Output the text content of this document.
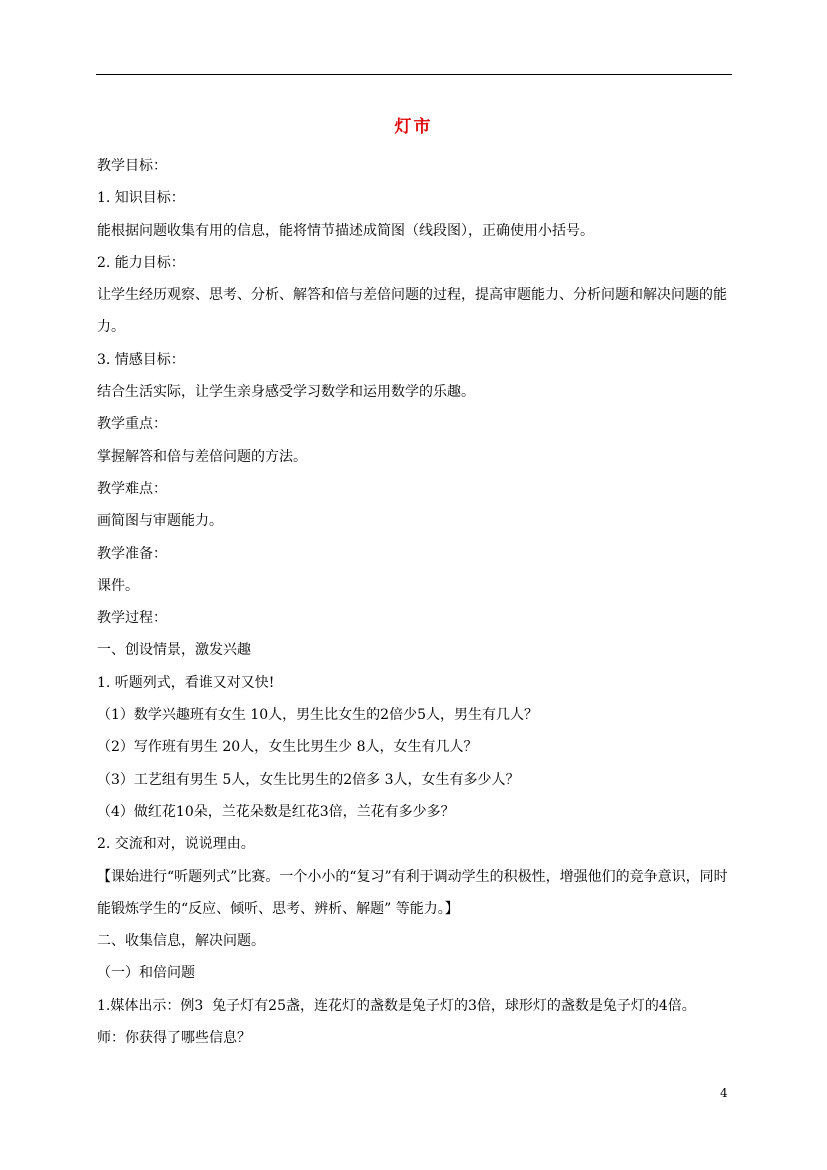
灯市

教学目标：

1. 知识目标：

能根据问题收集有用的信息，能将情节描述成简图（线段图），正确使用小括号。

2. 能力目标：

让学生经历观察、思考、分析、解答和倍与差倍问题的过程，提高审题能力、分析问题和解决问题的能力。

3. 情感目标：

结合生活实际，让学生亲身感受学习数学和运用数学的乐趣。

教学重点：

掌握解答和倍与差倍问题的方法。

教学难点：

画简图与审题能力。

教学准备：

课件。

教学过程：

一、创设情景，激发兴趣

1. 听题列式，看谁又对又快!

（1）数学兴趣班有女生 10人，男生比女生的2倍少5人，男生有几人？

（2）写作班有男生 20人，女生比男生少 8人，女生有几人？

（3）工艺组有男生 5人，女生比男生的2倍多 3人，女生有多少人？

（4）做红花10朵，兰花朵数是红花3倍，兰花有多少多？

2. 交流和对，说说理由。

【课始进行“听题列式”比赛。一个小小的“复习”有利于调动学生的积极性，增强他们的竞争意识，同时能锻炼学生的“反应、倾听、思考、辨析、解题” 等能力。】

二、收集信息，解决问题。

（一）和倍问题

1.媒体出示：例3  兔子灯有25盏，连花灯的盏数是兔子灯的3倍，球形灯的盏数是兔子灯的4倍。

师：你获得了哪些信息？

4
